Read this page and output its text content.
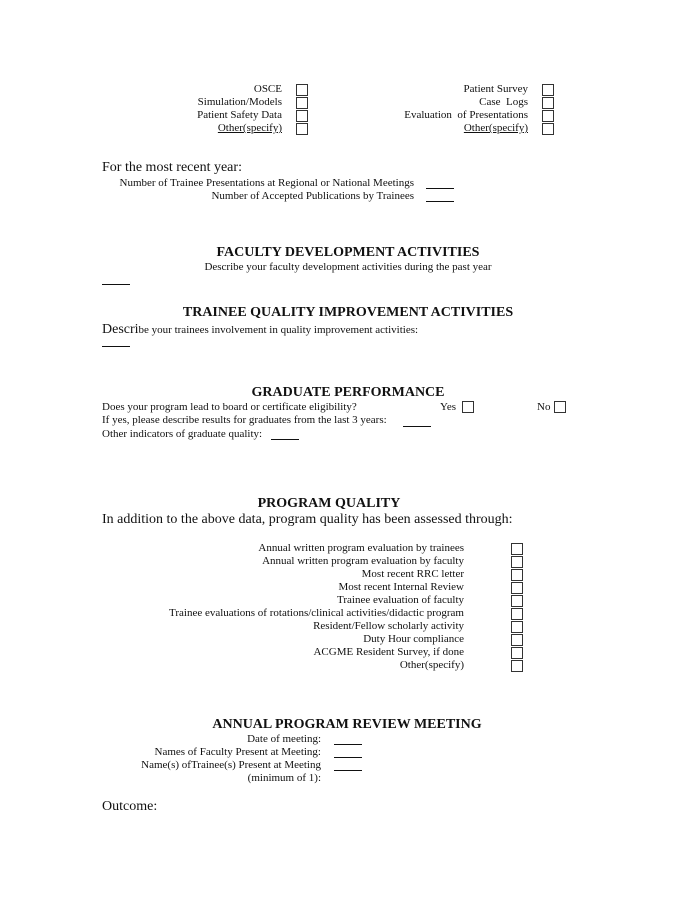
OSCE
Simulation/Models
Patient Safety Data
Other(specify)
Patient Survey
Case  Logs
Evaluation  of Presentations
Other(specify)
For the most recent year:
Number of Trainee Presentations at Regional or National Meetings
Number of Accepted Publications by Trainees
FACULTY DEVELOPMENT ACTIVITIES
Describe your faculty development activities during the past year
TRAINEE QUALITY IMPROVEMENT ACTIVITIES
Describe your trainees involvement in quality improvement activities:
GRADUATE PERFORMANCE
Does your program lead to board or certificate eligibility?	Yes	No
If yes, please describe results for graduates from the last 3 years:
Other indicators of graduate quality:
PROGRAM QUALITY
In addition to the above data, program quality has been assessed through:
Annual written program evaluation by trainees
Annual written program evaluation by faculty
Most recent RRC letter
Most recent Internal Review
Trainee evaluation of faculty
Trainee evaluations of rotations/clinical activities/didactic program
Resident/Fellow scholarly activity
Duty Hour compliance
ACGME Resident Survey, if done
Other(specify)
ANNUAL PROGRAM REVIEW MEETING
Date of meeting:
Names of Faculty Present at Meeting:
Name(s) ofTrainee(s) Present at Meeting
(minimum of 1):
Outcome:
